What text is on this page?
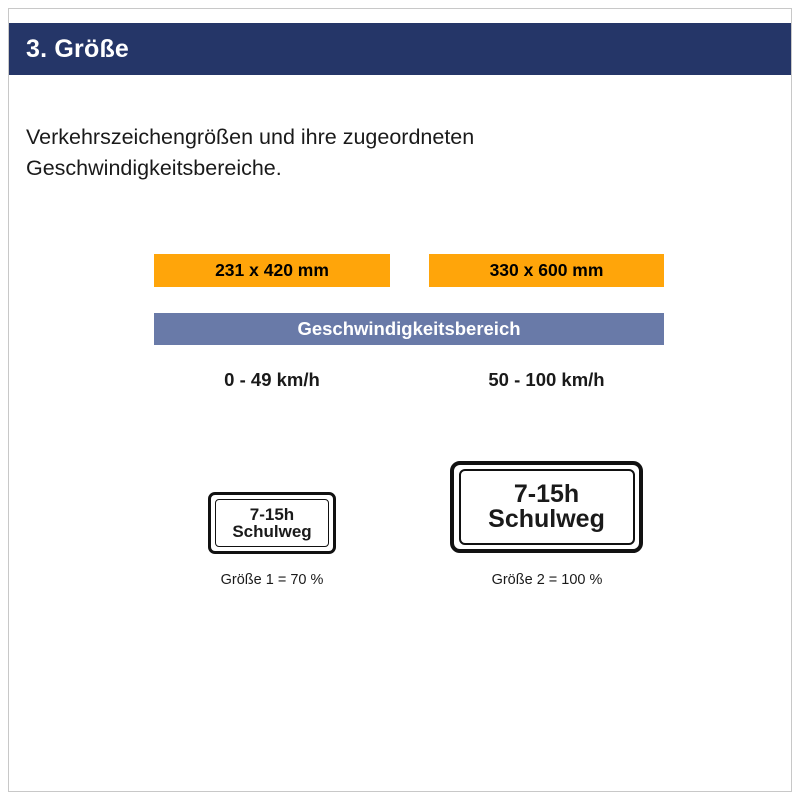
3. Größe
Verkehrszeichengrößen und ihre zugeordneten
Geschwindigkeitsbereiche.
231 x 420 mm	330 x 600 mm
Geschwindigkeitsbereich
0 - 49 km/h	50 - 100 km/h
7-15h
Schulweg
7-15h
Schulweg
Größe 1 = 70 %	Größe 2 = 100 %
